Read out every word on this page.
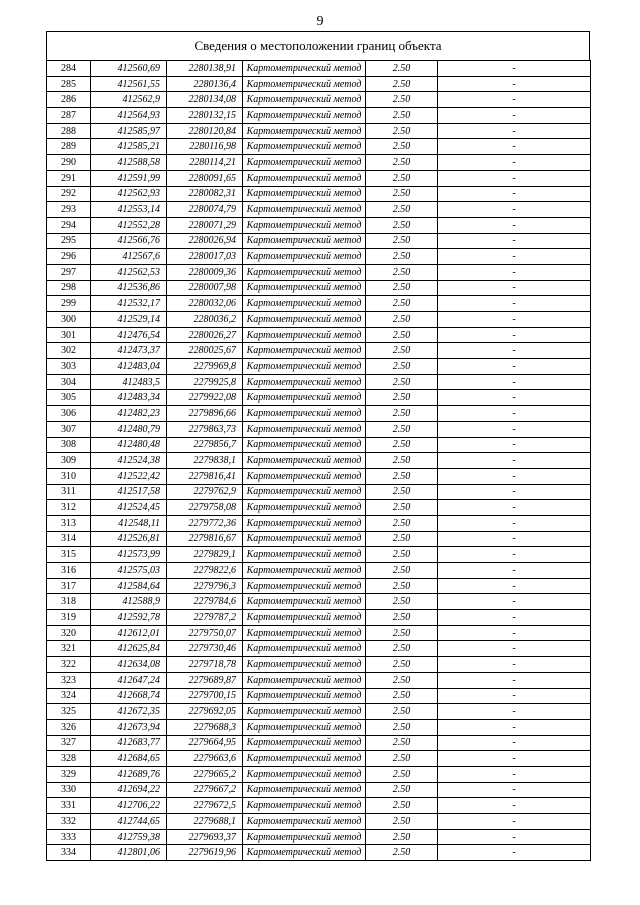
9
Сведения о местоположении границ объекта
284	412560,69	2280138,91	Картометрический метод	2.50	-
285	412561,55	2280136,4	Картометрический метод	2.50	-
286	412562,9	2280134,08	Картометрический метод	2.50	-
287	412564,93	2280132,15	Картометрический метод	2.50	-
288	412585,97	2280120,84	Картометрический метод	2.50	-
289	412585,21	2280116,98	Картометрический метод	2.50	-
290	412588,58	2280114,21	Картометрический метод	2.50	-
291	412591,99	2280091,65	Картометрический метод	2.50	-
292	412562,93	2280082,31	Картометрический метод	2.50	-
293	412553,14	2280074,79	Картометрический метод	2.50	-
294	412552,28	2280071,29	Картометрический метод	2.50	-
295	412566,76	2280026,94	Картометрический метод	2.50	-
296	412567,6	2280017,03	Картометрический метод	2.50	-
297	412562,53	2280009,36	Картометрический метод	2.50	-
298	412536,86	2280007,98	Картометрический метод	2.50	-
299	412532,17	2280032,06	Картометрический метод	2.50	-
300	412529,14	2280036,2	Картометрический метод	2.50	-
301	412476,54	2280026,27	Картометрический метод	2.50	-
302	412473,37	2280025,67	Картометрический метод	2.50	-
303	412483,04	2279969,8	Картометрический метод	2.50	-
304	412483,5	2279925,8	Картометрический метод	2.50	-
305	412483,34	2279922,08	Картометрический метод	2.50	-
306	412482,23	2279896,66	Картометрический метод	2.50	-
307	412480,79	2279863,73	Картометрический метод	2.50	-
308	412480,48	2279856,7	Картометрический метод	2.50	-
309	412524,38	2279838,1	Картометрический метод	2.50	-
310	412522,42	2279816,41	Картометрический метод	2.50	-
311	412517,58	2279762,9	Картометрический метод	2.50	-
312	412524,45	2279758,08	Картометрический метод	2.50	-
313	412548,11	2279772,36	Картометрический метод	2.50	-
314	412526,81	2279816,67	Картометрический метод	2.50	-
315	412573,99	2279829,1	Картометрический метод	2.50	-
316	412575,03	2279822,6	Картометрический метод	2.50	-
317	412584,64	2279796,3	Картометрический метод	2.50	-
318	412588,9	2279784,6	Картометрический метод	2.50	-
319	412592,78	2279787,2	Картометрический метод	2.50	-
320	412612,01	2279750,07	Картометрический метод	2.50	-
321	412625,84	2279730,46	Картометрический метод	2.50	-
322	412634,08	2279718,78	Картометрический метод	2.50	-
323	412647,24	2279689,87	Картометрический метод	2.50	-
324	412668,74	2279700,15	Картометрический метод	2.50	-
325	412672,35	2279692,05	Картометрический метод	2.50	-
326	412673,94	2279688,3	Картометрический метод	2.50	-
327	412683,77	2279664,95	Картометрический метод	2.50	-
328	412684,65	2279663,6	Картометрический метод	2.50	-
329	412689,76	2279665,2	Картометрический метод	2.50	-
330	412694,22	2279667,2	Картометрический метод	2.50	-
331	412706,22	2279672,5	Картометрический метод	2.50	-
332	412744,65	2279688,1	Картометрический метод	2.50	-
333	412759,38	2279693,37	Картометрический метод	2.50	-
334	412801,06	2279619,96	Картометрический метод	2.50	-
